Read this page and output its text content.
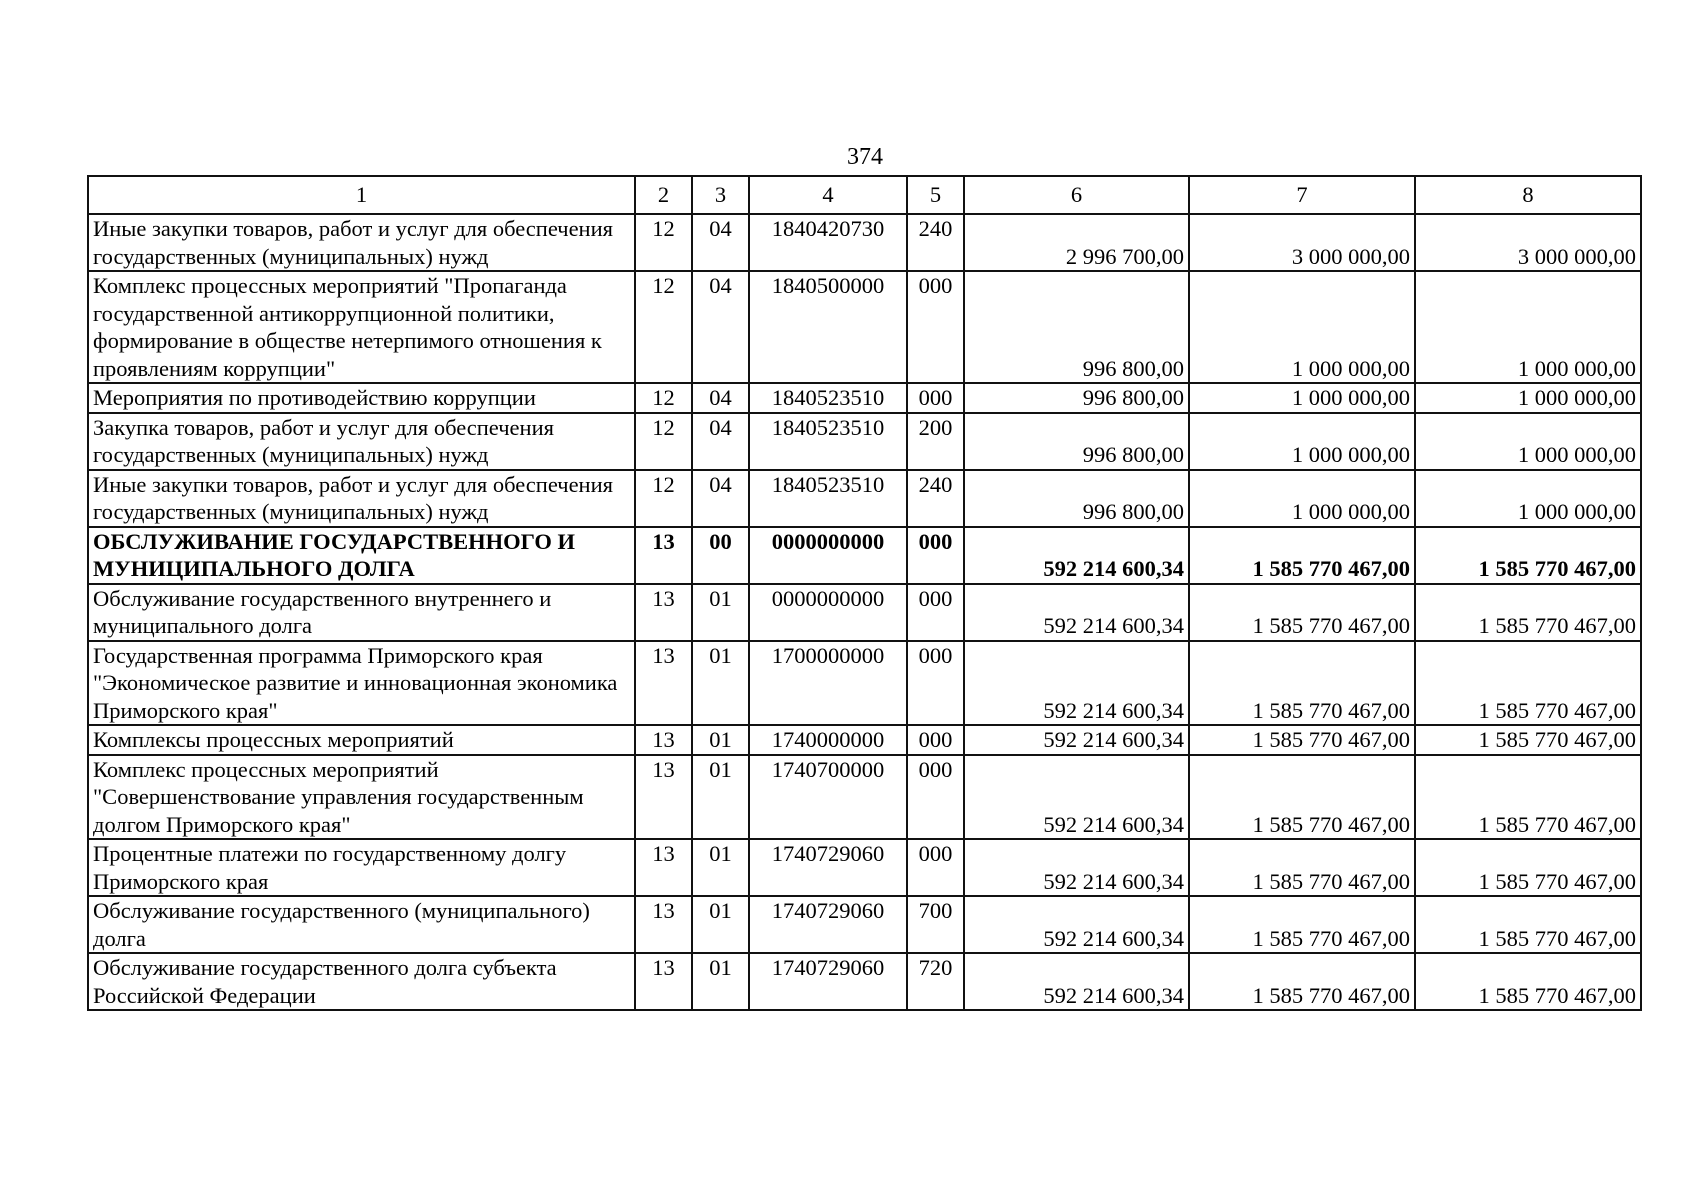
374
1	2	3	4	5	6	7	8
Иные закупки товаров, работ и услуг для обеспечения государственных (муниципальных) нужд	12	04	1840420730	240	2 996 700,00	3 000 000,00	3 000 000,00
Комплекс процессных мероприятий "Пропаганда государственной антикоррупционной политики, формирование в обществе нетерпимого отношения к проявлениям коррупции"	12	04	1840500000	000	996 800,00	1 000 000,00	1 000 000,00
Мероприятия по противодействию коррупции	12	04	1840523510	000	996 800,00	1 000 000,00	1 000 000,00
Закупка товаров, работ и услуг для обеспечения государственных (муниципальных) нужд	12	04	1840523510	200	996 800,00	1 000 000,00	1 000 000,00
Иные закупки товаров, работ и услуг для обеспечения государственных (муниципальных) нужд	12	04	1840523510	240	996 800,00	1 000 000,00	1 000 000,00
ОБСЛУЖИВАНИЕ ГОСУДАРСТВЕННОГО И МУНИЦИПАЛЬНОГО ДОЛГА	13	00	0000000000	000	592 214 600,34	1 585 770 467,00	1 585 770 467,00
Обслуживание государственного внутреннего и муниципального долга	13	01	0000000000	000	592 214 600,34	1 585 770 467,00	1 585 770 467,00
Государственная программа Приморского края "Экономическое развитие и инновационная экономика Приморского края"	13	01	1700000000	000	592 214 600,34	1 585 770 467,00	1 585 770 467,00
Комплексы процессных мероприятий	13	01	1740000000	000	592 214 600,34	1 585 770 467,00	1 585 770 467,00
Комплекс процессных мероприятий "Совершенствование управления государственным долгом Приморского края"	13	01	1740700000	000	592 214 600,34	1 585 770 467,00	1 585 770 467,00
Процентные платежи по государственному долгу Приморского края	13	01	1740729060	000	592 214 600,34	1 585 770 467,00	1 585 770 467,00
Обслуживание государственного (муниципального) долга	13	01	1740729060	700	592 214 600,34	1 585 770 467,00	1 585 770 467,00
Обслуживание государственного долга субъекта Российской Федерации	13	01	1740729060	720	592 214 600,34	1 585 770 467,00	1 585 770 467,00
